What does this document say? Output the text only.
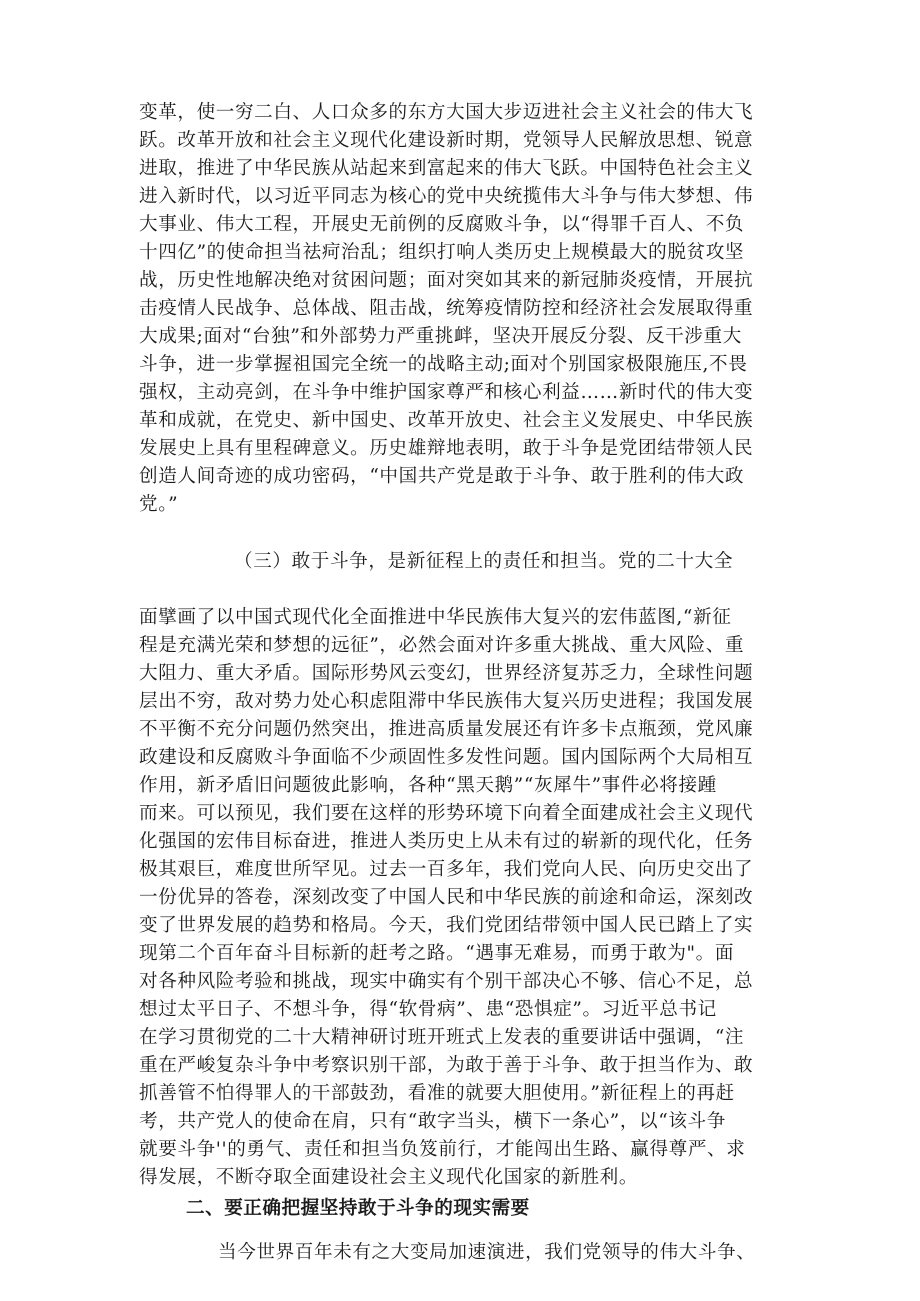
变革，使一穷二白、人口众多的东方大国大步迈进社会主义社会的伟大飞
跃。改革开放和社会主义现代化建设新时期，党领导人民解放思想、锐意
进取，推进了中华民族从站起来到富起来的伟大飞跃。中国特色社会主义
进入新时代，以习近平同志为核心的党中央统揽伟大斗争与伟大梦想、伟
大事业、伟大工程，开展史无前例的反腐败斗争，以“得罪千百人、不负
十四亿”的使命担当祛疴治乱；组织打响人类历史上规模最大的脱贫攻坚
战，历史性地解决绝对贫困问题；面对突如其来的新冠肺炎疫情，开展抗
击疫情人民战争、总体战、阻击战，统筹疫情防控和经济社会发展取得重
大成果;面对“台独”和外部势力严重挑衅，坚决开展反分裂、反干涉重大
斗争，进一步掌握祖国完全统一的战略主动;面对个别国家极限施压,不畏
强权，主动亮剑，在斗争中维护国家尊严和核心利益……新时代的伟大变
革和成就，在党史、新中国史、改革开放史、社会主义发展史、中华民族
发展史上具有里程碑意义。历史雄辩地表明，敢于斗争是党团结带领人民
创造人间奇迹的成功密码，“中国共产党是敢于斗争、敢于胜利的伟大政
党。”
（三）敢于斗争，是新征程上的责任和担当。党的二十大全
面擘画了以中国式现代化全面推进中华民族伟大复兴的宏伟蓝图,“新征
程是充满光荣和梦想的远征”，必然会面对许多重大挑战、重大风险、重
大阻力、重大矛盾。国际形势风云变幻，世界经济复苏乏力，全球性问题
层出不穷，敌对势力处心积虑阻滞中华民族伟大复兴历史进程；我国发展
不平衡不充分问题仍然突出，推进高质量发展还有许多卡点瓶颈，党风廉
政建设和反腐败斗争面临不少顽固性多发性问题。国内国际两个大局相互
作用，新矛盾旧问题彼此影响，各种“黑天鹅”“灰犀牛”事件必将接踵
而来。可以预见，我们要在这样的形势环境下向着全面建成社会主义现代
化强国的宏伟目标奋进，推进人类历史上从未有过的崭新的现代化，任务
极其艰巨，难度世所罕见。过去一百多年，我们党向人民、向历史交出了
一份优异的答卷，深刻改变了中国人民和中华民族的前途和命运，深刻改
变了世界发展的趋势和格局。今天，我们党团结带领中国人民已踏上了实
现第二个百年奋斗目标新的赶考之路。“遇事无难易，而勇于敢为"。面
对各种风险考验和挑战，现实中确实有个别干部决心不够、信心不足，总
想过太平日子、不想斗争，得“软骨病”、患“恐惧症”。习近平总书记
在学习贯彻党的二十大精神研讨班开班式上发表的重要讲话中强调，“注
重在严峻复杂斗争中考察识别干部，为敢于善于斗争、敢于担当作为、敢
抓善管不怕得罪人的干部鼓劲，看准的就要大胆使用。”新征程上的再赶
考，共产党人的使命在肩，只有“敢字当头，横下一条心”，以“该斗争
就要斗争''的勇气、责任和担当负笈前行，才能闯出生路、赢得尊严、求
得发展，不断夺取全面建设社会主义现代化国家的新胜利。
二、要正确把握坚持敢于斗争的现实需要
当今世界百年未有之大变局加速演进，我们党领导的伟大斗争、
